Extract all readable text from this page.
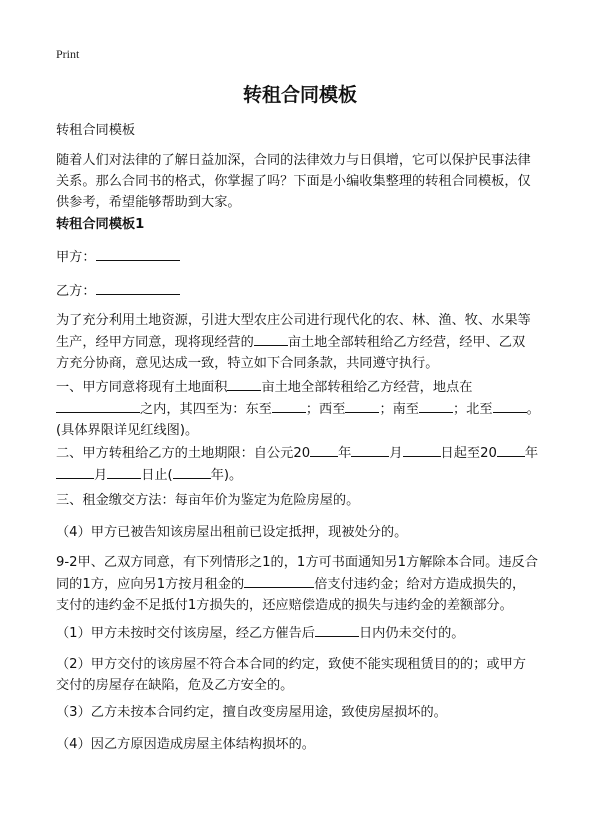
Print
转租合同模板

转租合同模板

随着人们对法律的了解日益加深，合同的法律效力与日俱增，它可以保护民事法律
关系。那么合同书的格式，你掌握了吗？下面是小编收集整理的转租合同模板，仅
供参考，希望能够帮助到大家。

转租合同模板1

甲方：

乙方：

为了充分利用土地资源，引进大型农庄公司进行现代化的农、林、渔、牧、水果等
生产，经甲方同意，现将现经营的	亩土地全部转租给乙方经营，经甲、乙双
方充分协商，意见达成一致，特立如下合同条款，共同遵守执行。

一、甲方同意将现有土地面积	亩土地全部转租给乙方经营，地点在
之内，其四至为：东至	；西至	；南至	；北至	。
(具体界限详见红线图)。

二、甲方转租给乙方的土地期限：自公元20 年	月	日起至20 年
月	日止(	年)。

三、租金缴交方法：每亩年价为鉴定为危险房屋的。

（4）甲方已被告知该房屋出租前已设定抵押，现被处分的。

9-2甲、乙双方同意，有下列情形之1的，1方可书面通知另1方解除本合同。违反合
同的1方，应向另1方按月租金的	倍支付违约金；给对方造成损失的，
支付的违约金不足抵付1方损失的，还应赔偿造成的损失与违约金的差额部分。

（1）甲方未按时交付该房屋，经乙方催告后	日内仍未交付的。

（2）甲方交付的该房屋不符合本合同的约定，致使不能实现租赁目的的；或甲方
交付的房屋存在缺陷，危及乙方安全的。

（3）乙方未按本合同约定，擅自改变房屋用途，致使房屋损坏的。

（4）因乙方原因造成房屋主体结构损坏的。
